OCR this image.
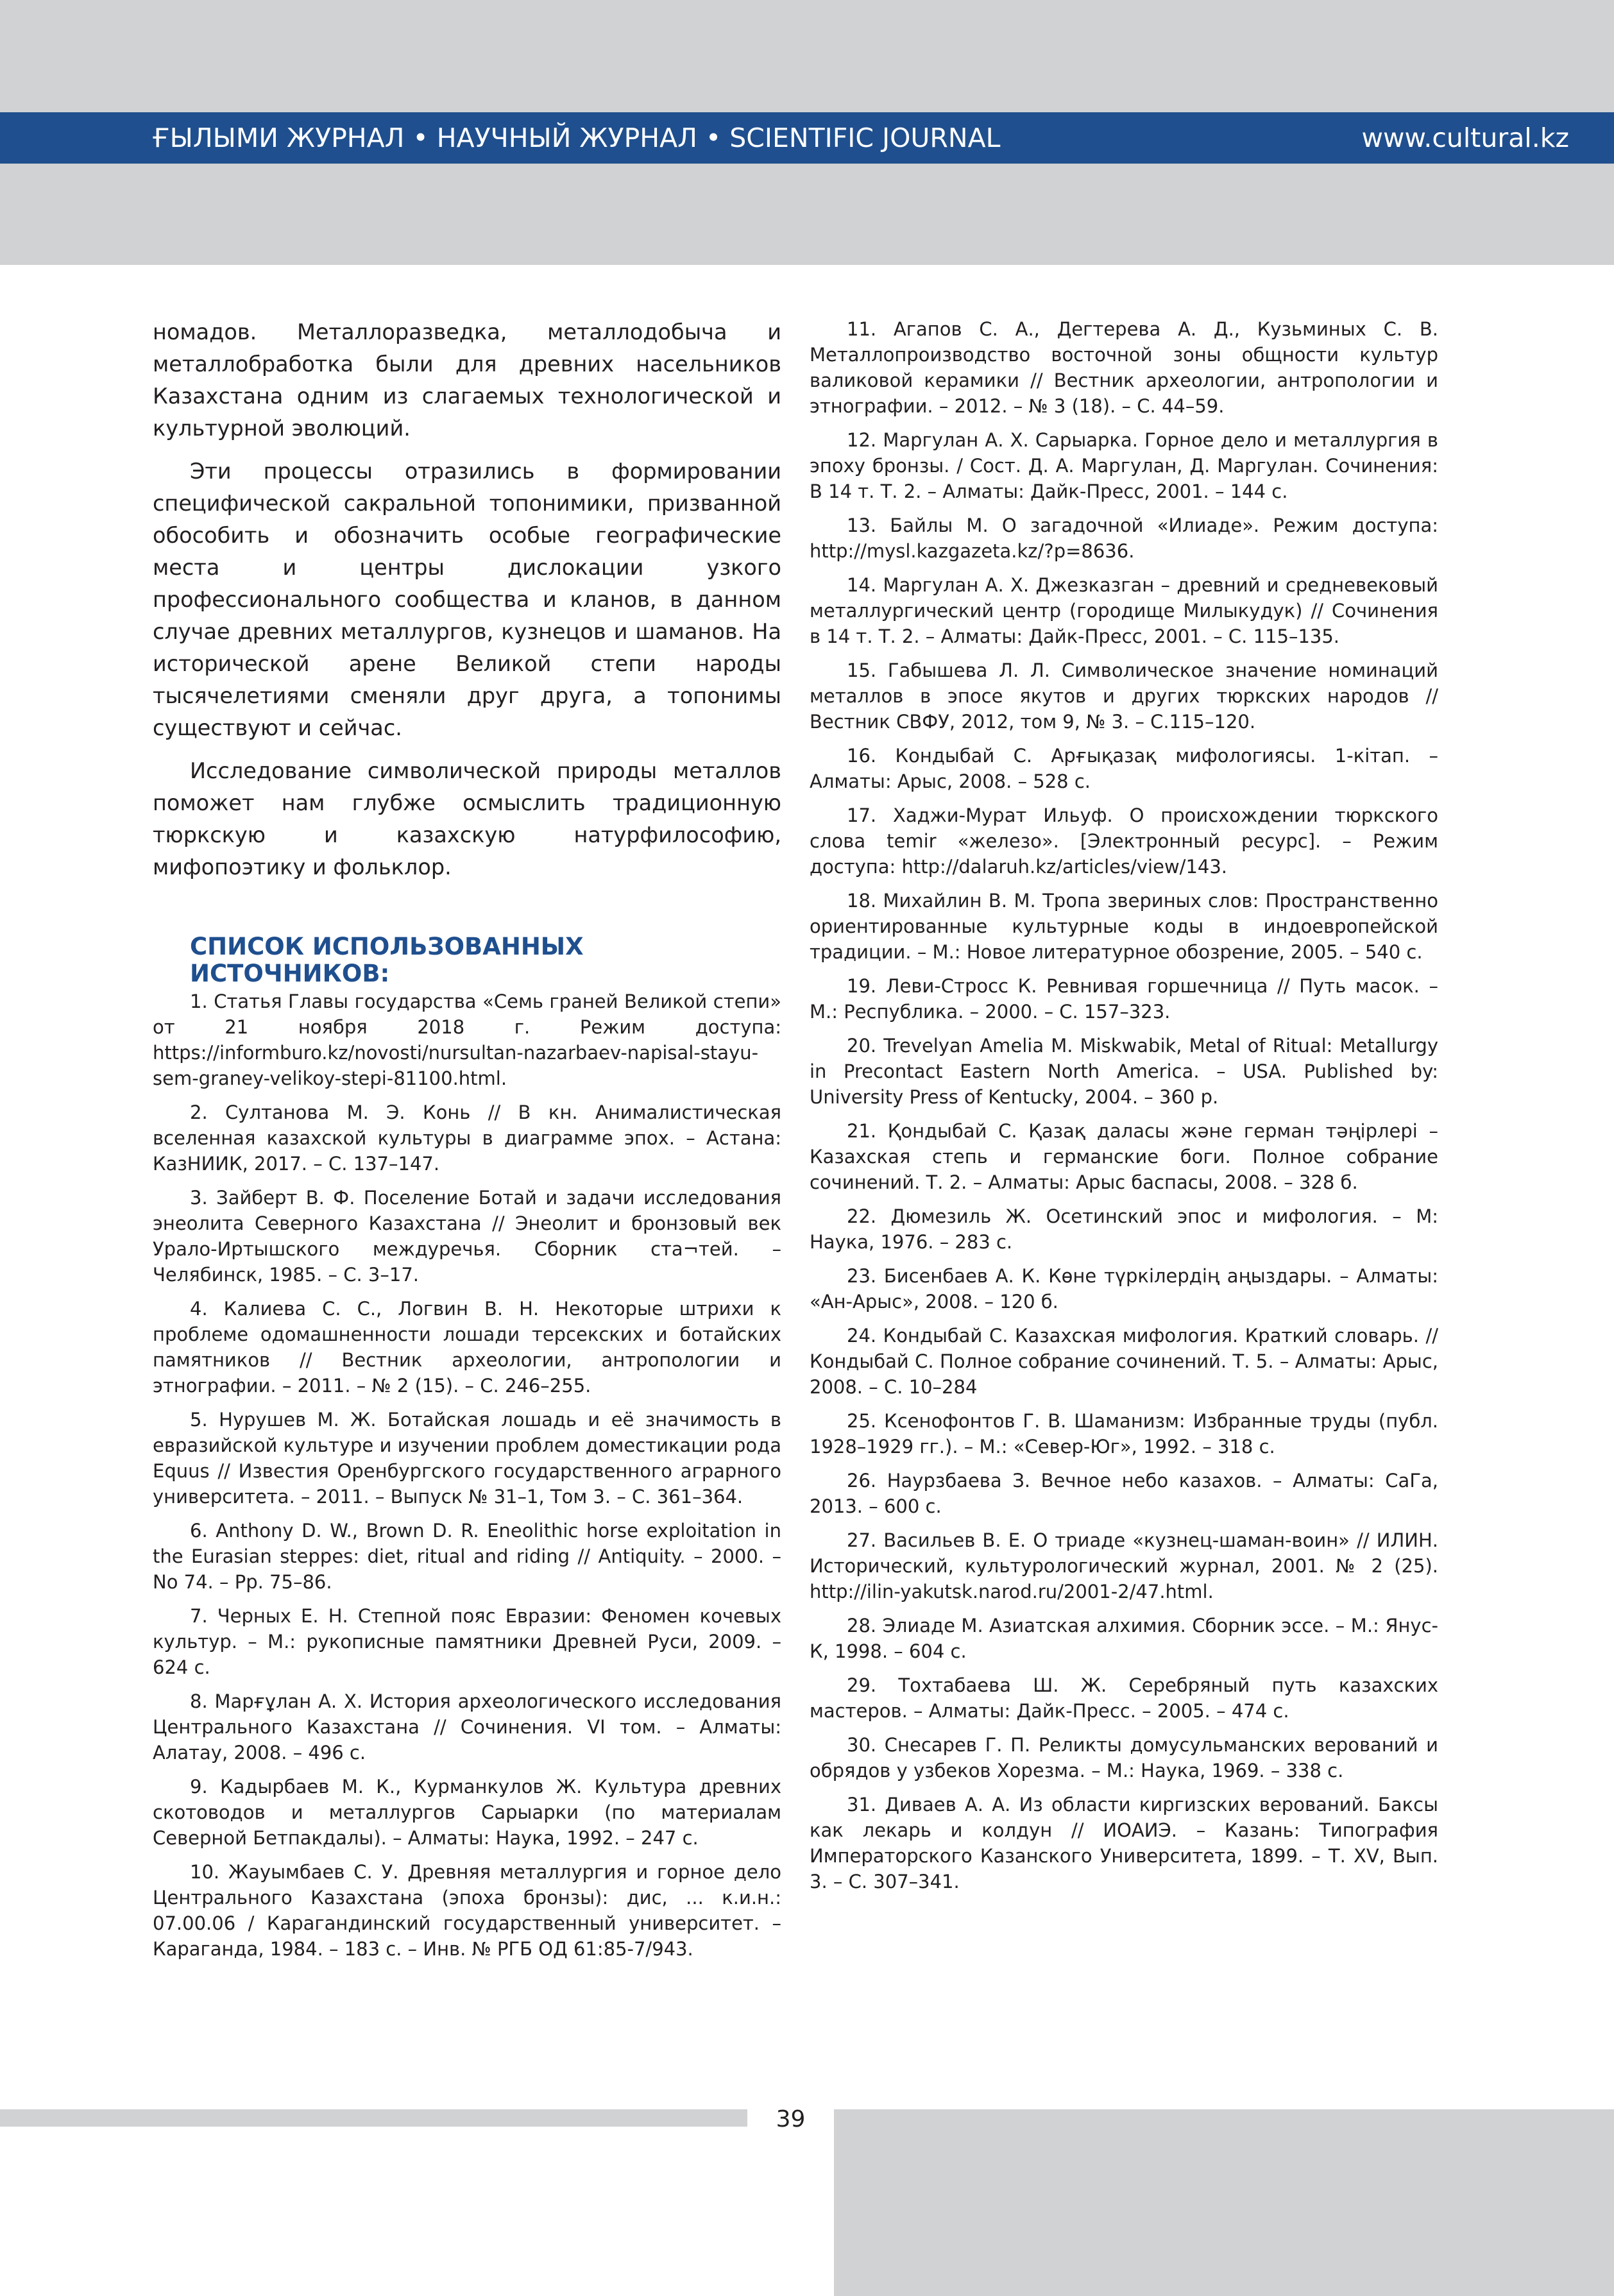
ҒЫЛЫМИ ЖУРНАЛ • НАУЧНЫЙ ЖУРНАЛ • SCIENTIFIC JOURNAL	www.cultural.kz

номадов. Металлоразведка, металлодобыча и металлобработка были для древних насельников Казахстана одним из слагаемых технологической и культурной эволюций.

Эти процессы отразились в формировании специфической сакральной топонимики, призванной обособить и обозначить особые географические места и центры дислокации узкого профессионального сообщества и кланов, в данном случае древних металлургов, кузнецов и шаманов. На исторической арене Великой степи народы тысячелетиями сменяли друг друга, а топонимы существуют и сейчас.

Исследование символической природы металлов поможет нам глубже осмыслить традиционную тюркскую и казахскую натурфилософию, мифопоэтику и фольклор.

СПИСОК ИСПОЛЬЗОВАННЫХ ИСТОЧНИКОВ:
1. Статья Главы государства «Семь граней Великой степи» от 21 ноября 2018 г. Режим доступа: https://informburo.kz/novosti/nursultan-nazarbaev-napisal-stayu-sem-graney-velikoy-stepi-81100.html.
2. Султанова М. Э. Конь // В кн. Анималистическая вселенная казахской культуры в диаграмме эпох. – Астана: КазНИИК, 2017. – С. 137–147.
3. Зайберт В. Ф. Поселение Ботай и задачи исследования энеолита Северного Казахстана // Энеолит и бронзовый век Урало-Иртышского междуречья. Сборник ста¬тей. – Челябинск, 1985. – С. 3–17.
4. Калиева С. С., Логвин В. Н. Некоторые штрихи к проблеме одомашненности лошади терсекских и ботайских памятников // Вестник археологии, антропологии и этнографии. – 2011. – № 2 (15). – С. 246–255.
5. Нурушев М. Ж. Ботайская лошадь и её значимость в евразийской культуре и изучении проблем доместикации рода Equus // Известия Оренбургского государственного аграрного университета. – 2011. – Выпуск № 31–1, Том 3. – С. 361–364.
6. Anthony D. W., Brown D. R. Eneolithic horse exploitation in the Eurasian steppes: diet, ritual and riding // Antiquity. – 2000. – No 74. – Pp. 75–86.
7. Черных Е. Н. Степной пояс Евразии: Феномен кочевых культур. – М.: рукописные памятники Древней Руси, 2009. – 624 с.
8. Марғұлан А. Х. История археологического исследования Центрального Казахстана // Сочинения. VI том. – Алматы: Алатау, 2008. – 496 с.
9. Кадырбаев М. К., Курманкулов Ж. Культура древних скотоводов и металлургов Сарыарки (по материалам Северной Бетпакдалы). – Алматы: Наука, 1992. – 247 с.
10. Жауымбаев С. У. Древняя металлургия и горное дело Центрального Казахстана (эпоха бронзы): дис, ... к.и.н.: 07.00.06 / Карагандинский государственный университет. – Караганда, 1984. – 183 с. – Инв. № РГБ ОД 61:85-7/943.
11. Агапов С. А., Дегтерева А. Д., Кузьминых С. В. Металлопроизводство восточной зоны общности культур валиковой керамики // Вестник археологии, антропологии и этнографии. – 2012. – № 3 (18). – С. 44–59.
12. Маргулан А. Х. Сарыарка. Горное дело и металлургия в эпоху бронзы. / Сост. Д. А. Маргулан, Д. Маргулан. Сочинения: В 14 т. Т. 2. – Алматы: Дайк-Пресс, 2001. – 144 с.
13. Байлы М. О загадочной «Илиаде». Режим доступа: http://mysl.kazgazeta.kz/?p=8636.
14. Маргулан А. Х. Джезказган – древний и средневековый металлургический центр (городище Милыкудук) // Сочинения в 14 т. Т. 2. – Алматы: Дайк-Пресс, 2001. – С. 115–135.
15. Габышева Л. Л. Символическое значение номинаций металлов в эпосе якутов и других тюркских народов // Вестник СВФУ, 2012, том 9, № 3. – С.115–120.
16. Кондыбай С. Арғықазақ мифологиясы. 1-кітап. – Алматы: Арыс, 2008. – 528 с.
17. Хаджи-Мурат Ильуф. О происхождении тюркского слова temir «железо». [Электронный ресурс]. – Режим доступа: http://dalaruh.kz/articles/view/143.
18. Михайлин В. М. Тропа звериных слов: Пространственно ориентированные культурные коды в индоевропейской традиции. – М.: Новое литературное обозрение, 2005. – 540 с.
19. Леви-Стросс К. Ревнивая горшечница // Путь масок. – М.: Республика. – 2000. – С. 157–323.
20. Trevelyan Amelia M. Miskwabik, Metal of Ritual: Metallurgy in Precontact Eastern North America. – USA. Published by: University Press of Kentucky, 2004. – 360 p.
21. Қондыбай С. Қазақ даласы және герман тәңірлері – Казахская степь и германские боги. Полное собрание сочинений. Т. 2. – Алматы: Арыс баспасы, 2008. – 328 б.
22. Дюмезиль Ж. Осетинский эпос и мифология. – М: Наука, 1976. – 283 с.
23. Бисенбаев А. К. Көне түркілердің аңыздары. – Алматы: «Ан-Арыс», 2008. – 120 б.
24. Кондыбай С. Казахская мифология. Краткий словарь. // Кондыбай С. Полное собрание сочинений. Т. 5. – Алматы: Арыс, 2008. – С. 10–284
25. Ксенофонтов Г. В. Шаманизм: Избранные труды (публ. 1928–1929 гг.). – М.: «Север-Юг», 1992. – 318 с.
26. Наурзбаева З. Вечное небо казахов. – Алматы: СаГа, 2013. – 600 с.
27. Васильев В. Е. О триаде «кузнец-шаман-воин» // ИЛИН. Исторический, культурологический журнал, 2001. № 2 (25). http://ilin-yakutsk.narod.ru/2001-2/47.html.
28. Элиаде М. Азиатская алхимия. Сборник эссе. – М.: Янус-К, 1998. – 604 с.
29. Тохтабаева Ш. Ж. Серебряный путь казахских мастеров. – Алматы: Дайк-Пресс. – 2005. – 474 с.
30. Снесарев Г. П. Реликты домусульманских верований и обрядов у узбеков Хорезма. – М.: Наука, 1969. – 338 с.
31. Диваев А. А. Из области киргизских верований. Баксы как лекарь и колдун // ИОАИЭ. – Казань: Типография Императорского Казанского Университета, 1899. – Т. XV, Вып. 3. – С. 307–341.
39
